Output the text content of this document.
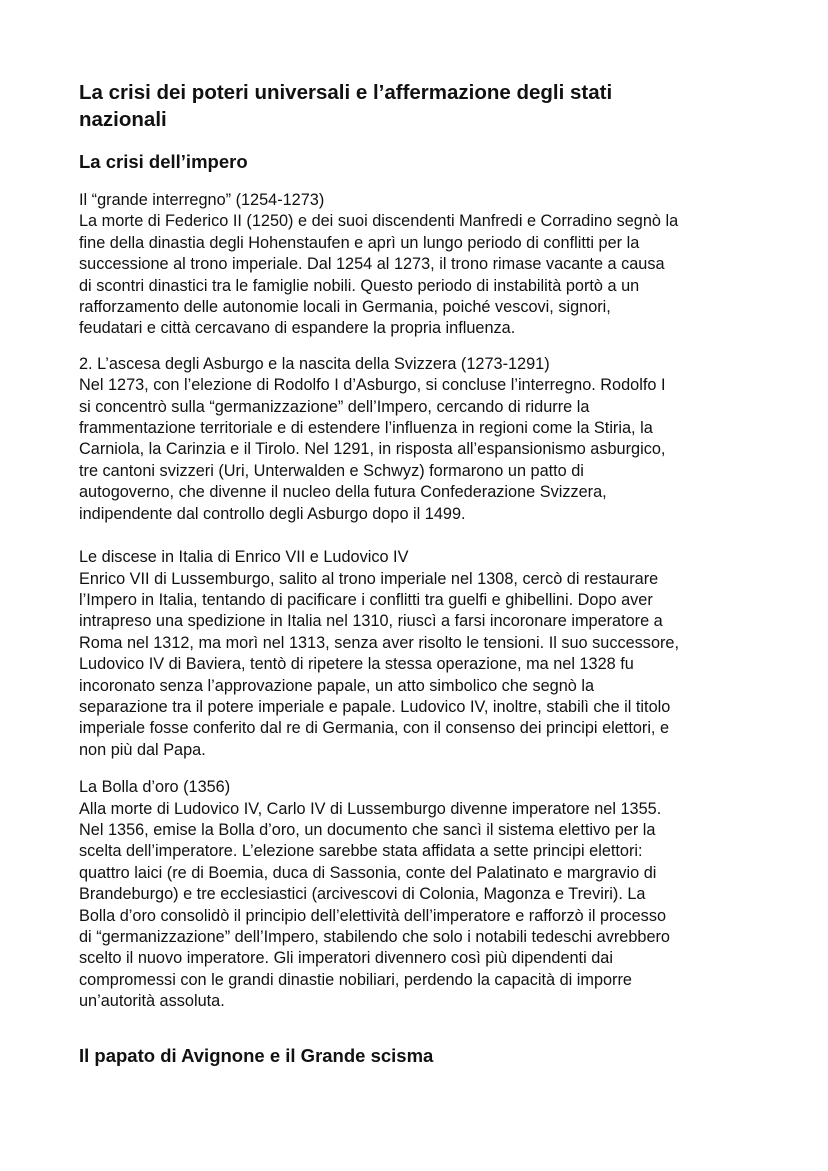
La crisi dei poteri universali e l’affermazione degli stati
nazionali
La crisi dell’impero

Il “grande interregno” (1254-1273)
La morte di Federico II (1250) e dei suoi discendenti Manfredi e Corradino segnò la
fine della dinastia degli Hohenstaufen e aprì un lungo periodo di conflitti per la
successione al trono imperiale. Dal 1254 al 1273, il trono rimase vacante a causa
di scontri dinastici tra le famiglie nobili. Questo periodo di instabilità portò a un
rafforzamento delle autonomie locali in Germania, poiché vescovi, signori,
feudatari e città cercavano di espandere la propria influenza.

2. L’ascesa degli Asburgo e la nascita della Svizzera (1273-1291)
Nel 1273, con l’elezione di Rodolfo I d’Asburgo, si concluse l’interregno. Rodolfo I
si concentrò sulla “germanizzazione” dell’Impero, cercando di ridurre la
frammentazione territoriale e di estendere l’influenza in regioni come la Stiria, la
Carniola, la Carinzia e il Tirolo. Nel 1291, in risposta all’espansionismo asburgico,
tre cantoni svizzeri (Uri, Unterwalden e Schwyz) formarono un patto di
autogoverno, che divenne il nucleo della futura Confederazione Svizzera,
indipendente dal controllo degli Asburgo dopo il 1499.

Le discese in Italia di Enrico VII e Ludovico IV
Enrico VII di Lussemburgo, salito al trono imperiale nel 1308, cercò di restaurare
l’Impero in Italia, tentando di pacificare i conflitti tra guelfi e ghibellini. Dopo aver
intrapreso una spedizione in Italia nel 1310, riuscì a farsi incoronare imperatore a
Roma nel 1312, ma morì nel 1313, senza aver risolto le tensioni. Il suo successore,
Ludovico IV di Baviera, tentò di ripetere la stessa operazione, ma nel 1328 fu
incoronato senza l’approvazione papale, un atto simbolico che segnò la
separazione tra il potere imperiale e papale. Ludovico IV, inoltre, stabilì che il titolo
imperiale fosse conferito dal re di Germania, con il consenso dei principi elettori, e
non più dal Papa.

La Bolla d’oro (1356)
Alla morte di Ludovico IV, Carlo IV di Lussemburgo divenne imperatore nel 1355.
Nel 1356, emise la Bolla d’oro, un documento che sancì il sistema elettivo per la
scelta dell’imperatore. L’elezione sarebbe stata affidata a sette principi elettori:
quattro laici (re di Boemia, duca di Sassonia, conte del Palatinato e margravio di
Brandeburgo) e tre ecclesiastici (arcivescovi di Colonia, Magonza e Treviri). La
Bolla d’oro consolidò il principio dell’elettività dell’imperatore e rafforzò il processo
di “germanizzazione” dell’Impero, stabilendo che solo i notabili tedeschi avrebbero
scelto il nuovo imperatore. Gli imperatori divennero così più dipendenti dai
compromessi con le grandi dinastie nobiliari, perdendo la capacità di imporre
un’autorità assoluta.

Il papato di Avignone e il Grande scisma
